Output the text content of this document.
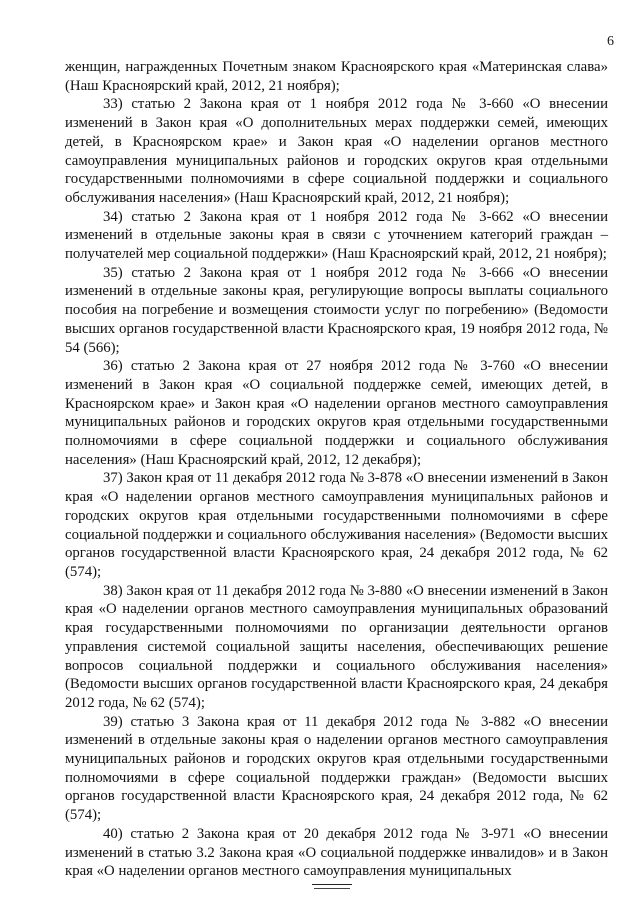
6

женщин, награжденных Почетным знаком Красноярского края «Материнская слава» (Наш Красноярский край, 2012, 21 ноября);

33) статью 2 Закона края от 1 ноября 2012 года № 3-660 «О внесении изменений в Закон края «О дополнительных мерах поддержки семей, имеющих детей, в Красноярском крае» и Закон края «О наделении органов местного самоуправления муниципальных районов и городских округов края отдельными государственными полномочиями в сфере социальной поддержки и социального обслуживания населения» (Наш Красноярский край, 2012, 21 ноября);

34) статью 2 Закона края от 1 ноября 2012 года № 3-662 «О внесении изменений в отдельные законы края в связи с уточнением категорий граждан – получателей мер социальной поддержки» (Наш Красноярский край, 2012, 21 ноября);

35) статью 2 Закона края от 1 ноября 2012 года № 3-666 «О внесении изменений в отдельные законы края, регулирующие вопросы выплаты социального пособия на погребение и возмещения стоимости услуг по погребению» (Ведомости высших органов государственной власти Красноярского края, 19 ноября 2012 года, № 54 (566);

36) статью 2 Закона края от 27 ноября 2012 года № 3-760 «О внесении изменений в Закон края «О социальной поддержке семей, имеющих детей, в Красноярском крае» и Закон края «О наделении органов местного самоуправления муниципальных районов и городских округов края отдельными государственными полномочиями в сфере социальной поддержки и социального обслуживания населения» (Наш Красноярский край, 2012, 12 декабря);

37) Закон края от 11 декабря 2012 года № 3-878 «О внесении изменений в Закон края «О наделении органов местного самоуправления муниципальных районов и городских округов края отдельными государственными полномочиями в сфере социальной поддержки и социального обслуживания населения» (Ведомости высших органов государственной власти Красноярского края, 24 декабря 2012 года, № 62 (574);

38) Закон края от 11 декабря 2012 года № 3-880 «О внесении изменений в Закон края «О наделении органов местного самоуправления муниципальных образований края государственными полномочиями по организации деятельности органов управления системой социальной защиты населения, обеспечивающих решение вопросов социальной поддержки и социального обслуживания населения» (Ведомости высших органов государственной власти Красноярского края, 24 декабря 2012 года, № 62 (574);

39) статью 3 Закона края от 11 декабря 2012 года № 3-882 «О внесении изменений в отдельные законы края о наделении органов местного самоуправления муниципальных районов и городских округов края отдельными государственными полномочиями в сфере социальной поддержки граждан» (Ведомости высших органов государственной власти Красноярского края, 24 декабря 2012 года, № 62 (574);

40) статью 2 Закона края от 20 декабря 2012 года № 3-971 «О внесении изменений в статью 3.2 Закона края «О социальной поддержке инвалидов» и в Закон края «О наделении органов местного самоуправления муниципальных
